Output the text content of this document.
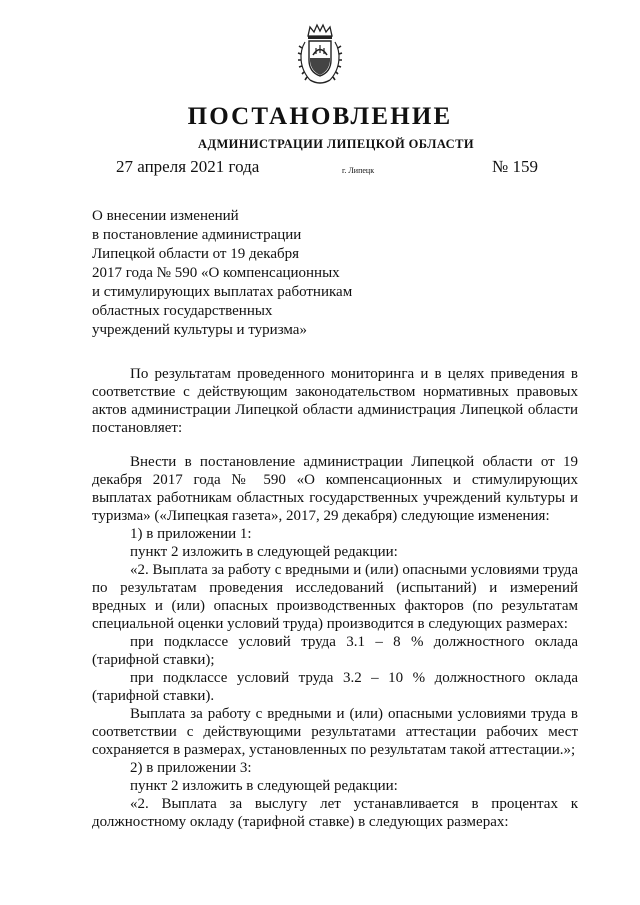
ПОСТАНОВЛЕНИЕ
АДМИНИСТРАЦИИ ЛИПЕЦКОЙ ОБЛАСТИ
27 апреля 2021 года	г. Липецк	№ 159
О внесении изменений
в постановление администрации
Липецкой области от 19 декабря
2017 года № 590 «О компенсационных
и стимулирующих выплатах работникам
областных государственных
учреждений культуры и туризма»

По результатам проведенного мониторинга и в целях приведения в соответствие с действующим законодательством нормативных правовых актов администрации Липецкой области администрация Липецкой области постановляет:

Внести в постановление администрации Липецкой области от 19 декабря 2017 года № 590 «О компенсационных и стимулирующих выплатах работникам областных государственных учреждений культуры и туризма» («Липецкая газета», 2017, 29 декабря) следующие изменения:

1) в приложении 1:

пункт 2 изложить в следующей редакции:

«2. Выплата за работу с вредными и (или) опасными условиями труда по результатам проведения исследований (испытаний) и измерений вредных и (или) опасных производственных факторов (по результатам специальной оценки условий труда) производится в следующих размерах:

при подклассе условий труда 3.1 – 8 % должностного оклада (тарифной ставки);

при подклассе условий труда 3.2 – 10 % должностного оклада (тарифной ставки).

Выплата за работу с вредными и (или) опасными условиями труда в соответствии с действующими результатами аттестации рабочих мест сохраняется в размерах, установленных по результатам такой аттестации.»;

2) в приложении 3:

пункт 2 изложить в следующей редакции:

«2. Выплата за выслугу лет устанавливается в процентах к должностному окладу (тарифной ставке) в следующих размерах:
